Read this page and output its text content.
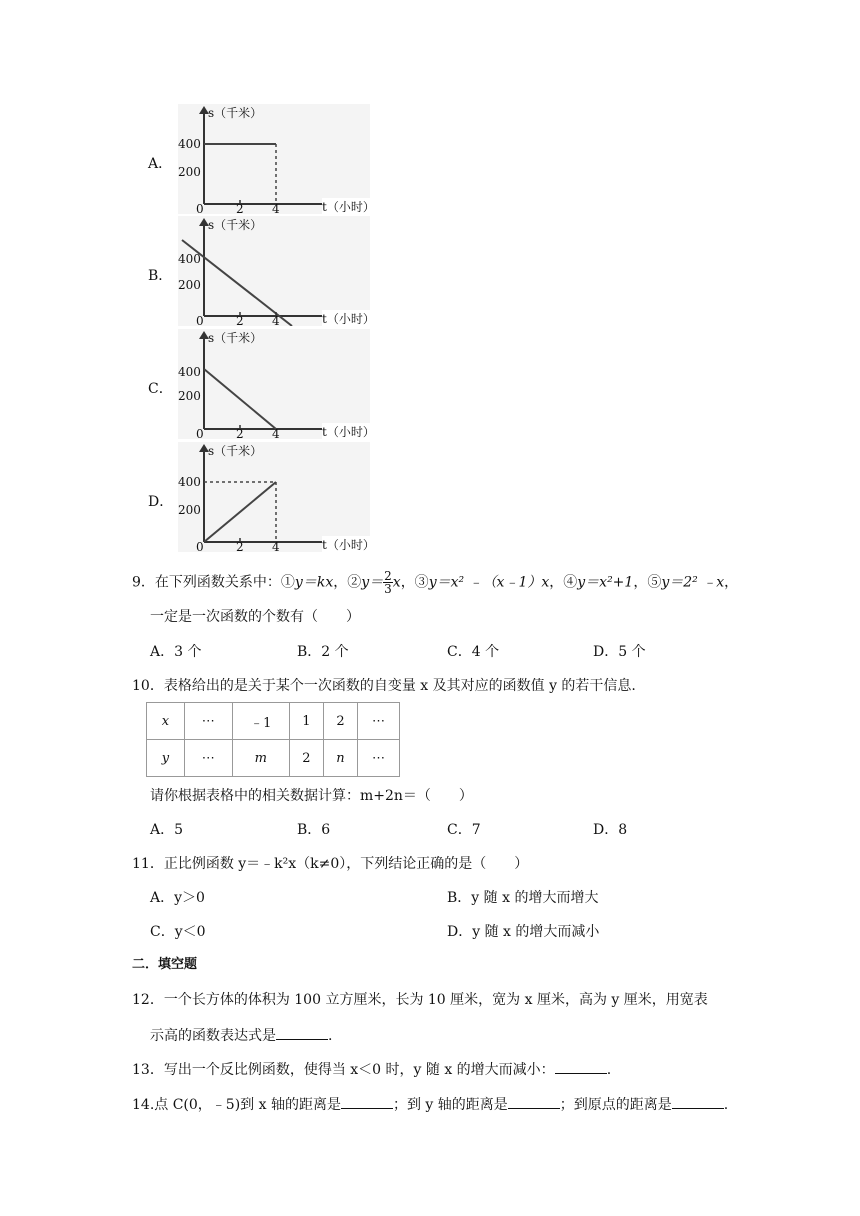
A．
s（千米）
400
200
0	2 4	t（小时）
B．
s（千米）
400
200
0	2 4	t（小时）
C．
s（千米）
400
200
0	2 4	t（小时）
D．
s（千米）
400
200
0	2 4	t（小时）
9．在下列函数关系中：①y＝kx，②y＝ $\frac{2}{3}$ x，③y＝x² ﹣（x﹣1）x，④y＝x²+1，⑤y＝2² ﹣x，
一定是一次函数的个数有（　　）
A．3 个	B．2 个	C．4 个	D．5 个
10．表格给出的是关于某个一次函数的自变量 x 及其对应的函数值 y 的若干信息.
x	⋯	﹣1	1	2	⋯
y	⋯	m	2	n	⋯
请你根据表格中的相关数据计算：m+2n＝（　　）
A．5	B．6	C．7	D．8
11．正比例函数 y＝﹣k²x（k≠0），下列结论正确的是（　　）
A．y＞0	B．y 随 x 的增大而增大
C．y＜0	D．y 随 x 的增大而减小
二．填空题
12．一个长方体的体积为 100 立方厘米，长为 10 厘米，宽为 x 厘米，高为 y 厘米，用宽表
示高的函数表达式是	.
13．写出一个反比例函数，使得当 x＜0 时，y 随 x 的增大而减小：	.
14.点 C(0，﹣5)到 x 轴的距离是	；到 y 轴的距离是	；到原点的距离是	.
